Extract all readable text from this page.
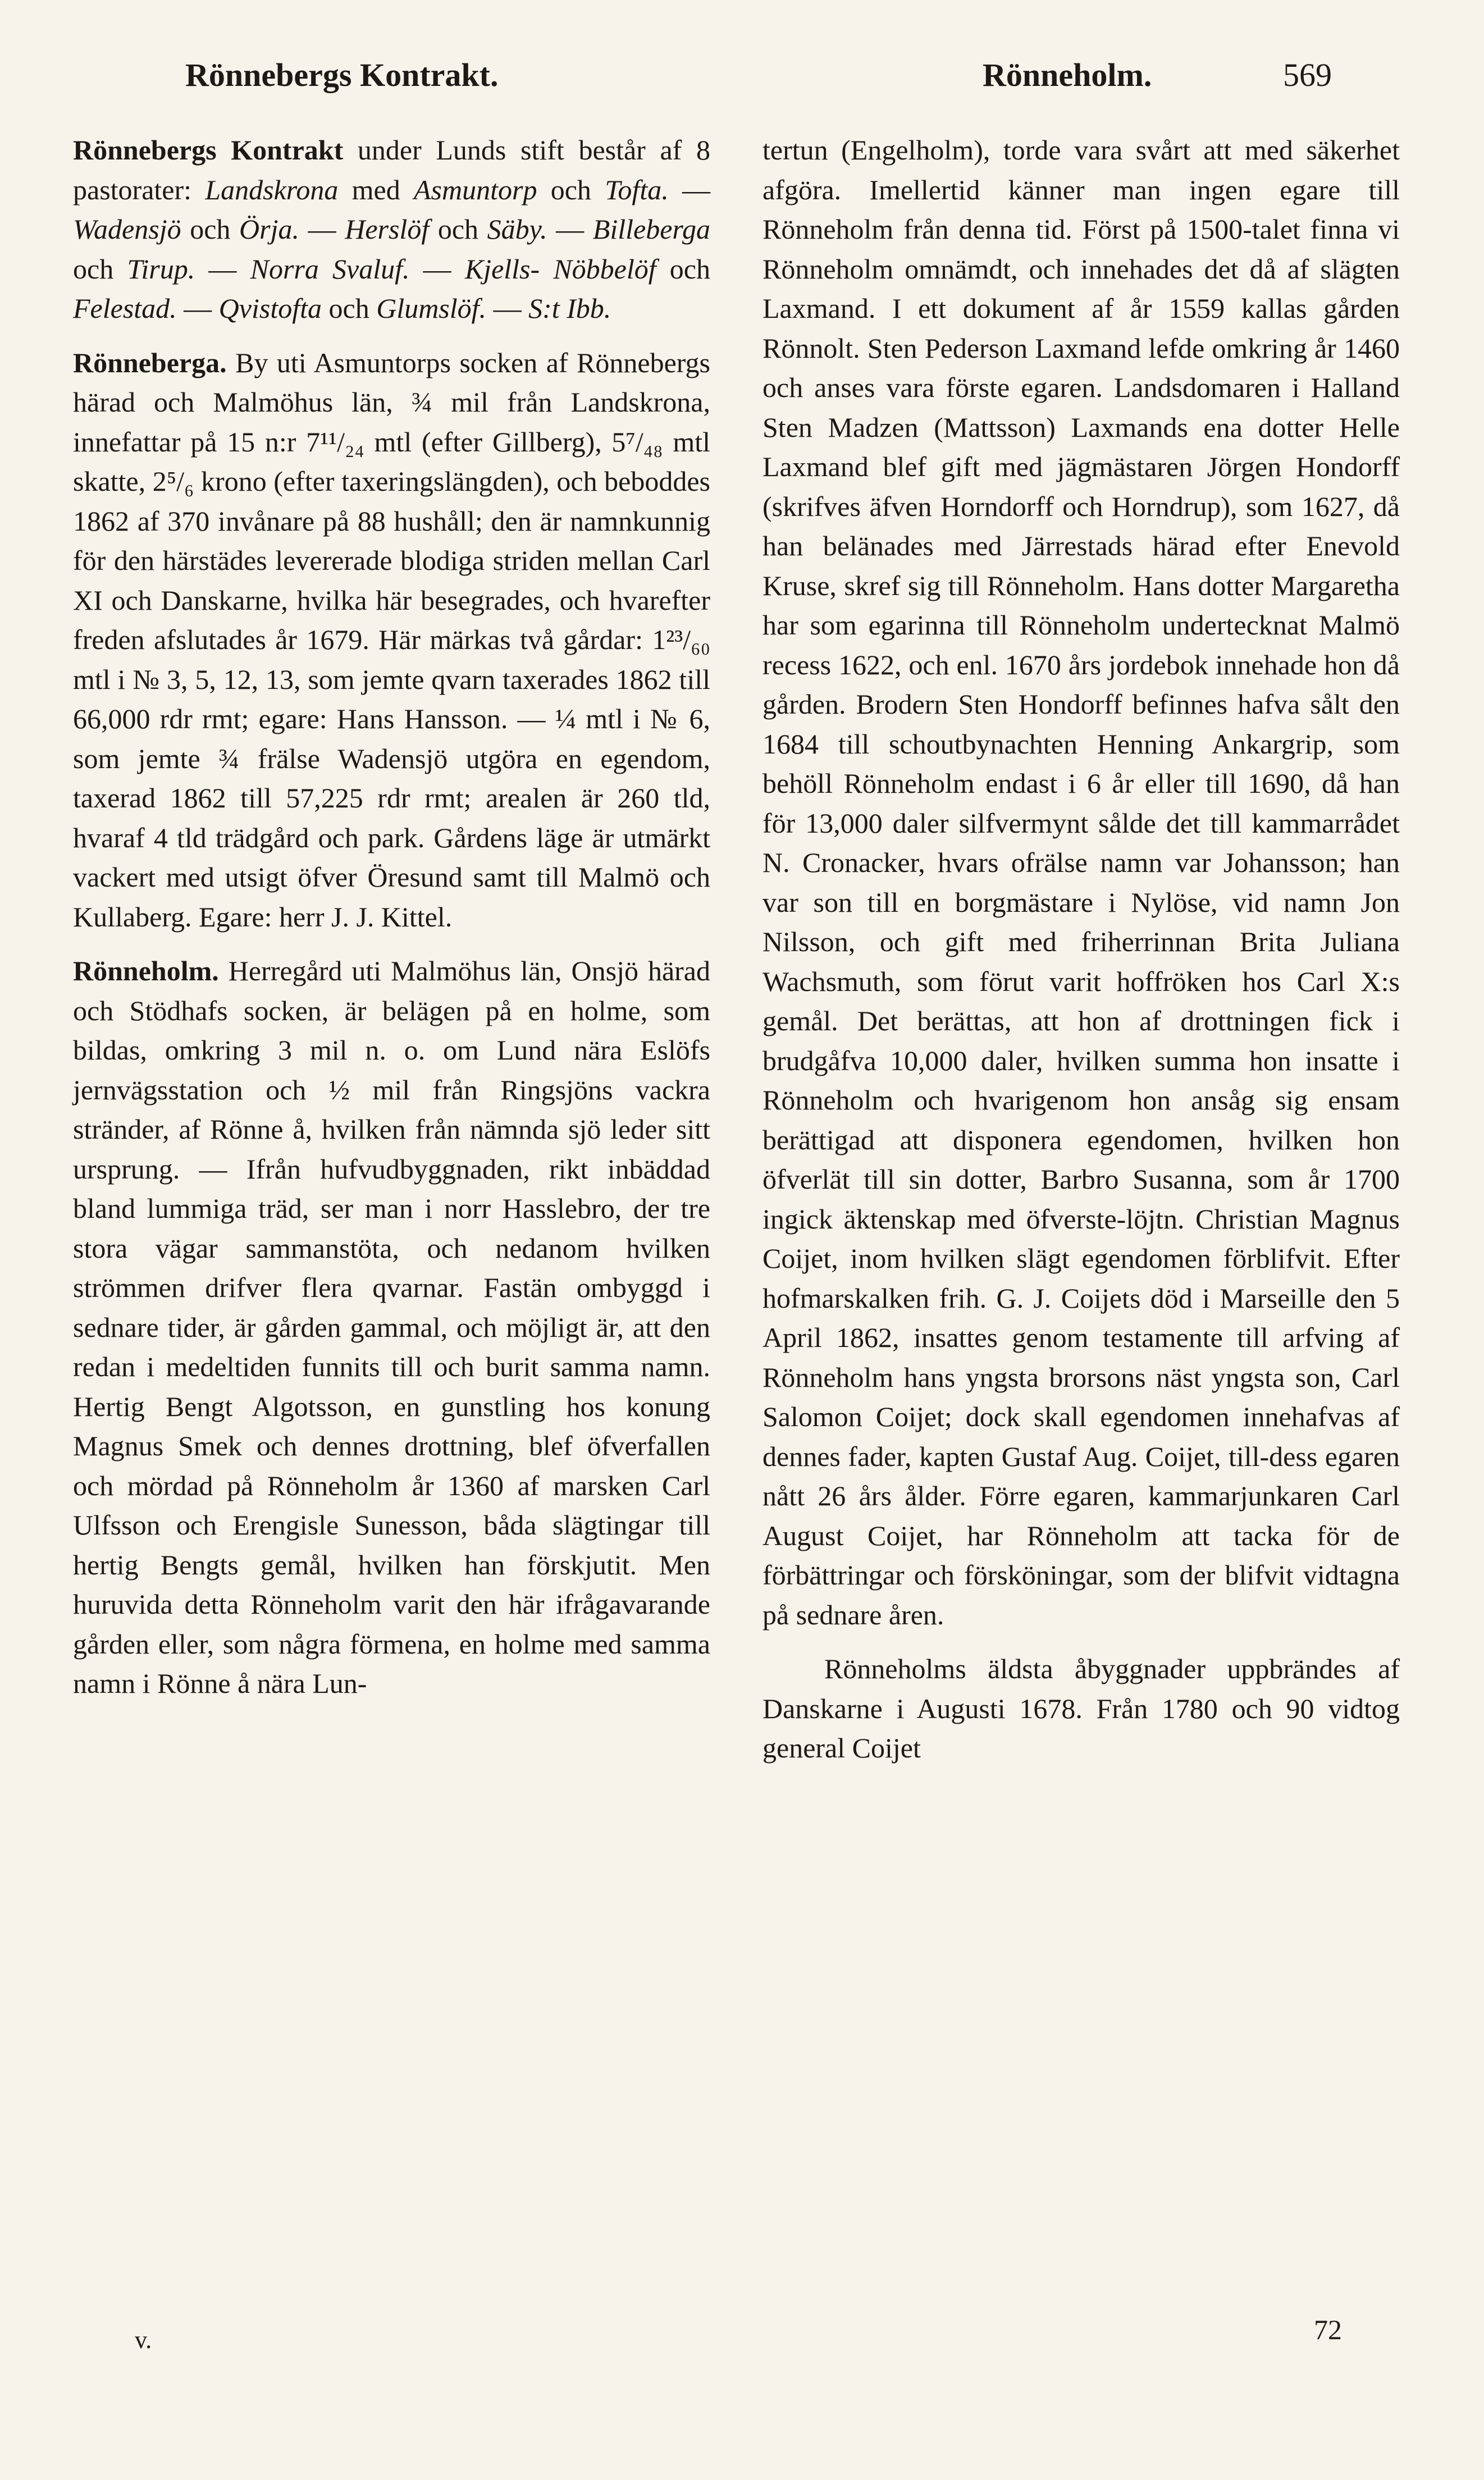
Rönnebergs Kontrakt.	Rönneholm.	569

Rönnebergs Kontrakt under Lunds stift består af 8 pastorater: Landskrona med Asmuntorp och Tofta. — Wadensjö och Örja. — Herslöf och Säby. — Billeberga och Tirup. — Norra Svaluf. — Kjells- Nöbbelöf och Felestad. — Qvistofta och Glumslöf. — S:t Ibb.

Rönneberga. By uti Asmuntorps socken af Rönnebergs härad och Malmöhus län, ¾ mil från Landskrona, innefattar på 15 n:r 7¹¹/₂₄ mtl (efter Gillberg), 5⁷/₄₈ mtl skatte, 2⁵/₆ krono (efter taxeringslängden), och beboddes 1862 af 370 invånare på 88 hushåll; den är namnkunnig för den härstädes levererade blodiga striden mellan Carl XI och Danskarne, hvilka här besegrades, och hvarefter freden afslutades år 1679. Här märkas två gårdar: 1²³/₆₀ mtl i № 3, 5, 12, 13, som jemte qvarn taxerades 1862 till 66,000 rdr rmt; egare: Hans Hansson. — ¼ mtl i № 6, som jemte ¾ frälse Wadensjö utgöra en egendom, taxerad 1862 till 57,225 rdr rmt; arealen är 260 tld, hvaraf 4 tld trädgård och park. Gårdens läge är utmärkt vackert med utsigt öfver Öresund samt till Malmö och Kullaberg. Egare: herr J. J. Kittel.

Rönneholm. Herregård uti Malmöhus län, Onsjö härad och Stödhafs socken, är belägen på en holme, som bildas, omkring 3 mil n. o. om Lund nära Eslöfs jernvägsstation och ½ mil från Ringsjöns vackra stränder, af Rönne å, hvilken från nämnda sjö leder sitt ursprung. — Ifrån hufvudbyggnaden, rikt inbäddad bland lummiga träd, ser man i norr Hasslebro, der tre stora vägar sammanstöta, och nedanom hvilken strömmen drifver flera qvarnar. Fastän ombyggd i sednare tider, är gården gammal, och möjligt är, att den redan i medeltiden funnits till och burit samma namn. Hertig Bengt Algotsson, en gunstling hos konung Magnus Smek och dennes drottning, blef öfverfallen och mördad på Rönneholm år 1360 af marsken Carl Ulfsson och Erengisle Sunesson, båda slägtingar till hertig Bengts gemål, hvilken han förskjutit. Men huruvida detta Rönneholm varit den här ifrågavarande gården eller, som några förmena, en holme med samma namn i Rönne å nära Lun-

tertun (Engelholm), torde vara svårt att med säkerhet afgöra. Imellertid känner man ingen egare till Rönneholm från denna tid. Först på 1500-talet finna vi Rönneholm omnämdt, och innehades det då af slägten Laxmand. I ett dokument af år 1559 kallas gården Rönnolt. Sten Pederson Laxmand lefde omkring år 1460 och anses vara förste egaren. Landsdomaren i Halland Sten Madzen (Mattsson) Laxmands ena dotter Helle Laxmand blef gift med jägmästaren Jörgen Hondorff (skrifves äfven Horndorff och Horndrup), som 1627, då han belänades med Järrestads härad efter Enevold Kruse, skref sig till Rönneholm. Hans dotter Margaretha har som egarinna till Rönneholm undertecknat Malmö recess 1622, och enl. 1670 års jordebok innehade hon då gården. Brodern Sten Hondorff befinnes hafva sålt den 1684 till schoutbynachten Henning Ankargrip, som behöll Rönneholm endast i 6 år eller till 1690, då han för 13,000 daler silfvermynt sålde det till kammarrådet N. Cronacker, hvars ofrälse namn var Johansson; han var son till en borgmästare i Nylöse, vid namn Jon Nilsson, och gift med friherrinnan Brita Juliana Wachsmuth, som förut varit hoffröken hos Carl X:s gemål. Det berättas, att hon af drottningen fick i brudgåfva 10,000 daler, hvilken summa hon insatte i Rönneholm och hvarigenom hon ansåg sig ensam berättigad att disponera egendomen, hvilken hon öfverlät till sin dotter, Barbro Susanna, som år 1700 ingick äktenskap med öfverste-löjtn. Christian Magnus Coijet, inom hvilken slägt egendomen förblifvit. Efter hofmarskalken frih. G. J. Coijets död i Marseille den 5 April 1862, insattes genom testamente till arfving af Rönneholm hans yngsta brorsons näst yngsta son, Carl Salomon Coijet; dock skall egendomen innehafvas af dennes fader, kapten Gustaf Aug. Coijet, till-dess egaren nått 26 års ålder. Förre egaren, kammarjunkaren Carl August Coijet, har Rönneholm att tacka för de förbättringar och försköningar, som der blifvit vidtagna på sednare åren.

Rönneholms äldsta åbyggnader uppbrändes af Danskarne i Augusti 1678. Från 1780 och 90 vidtog general Coijet

v.	72
